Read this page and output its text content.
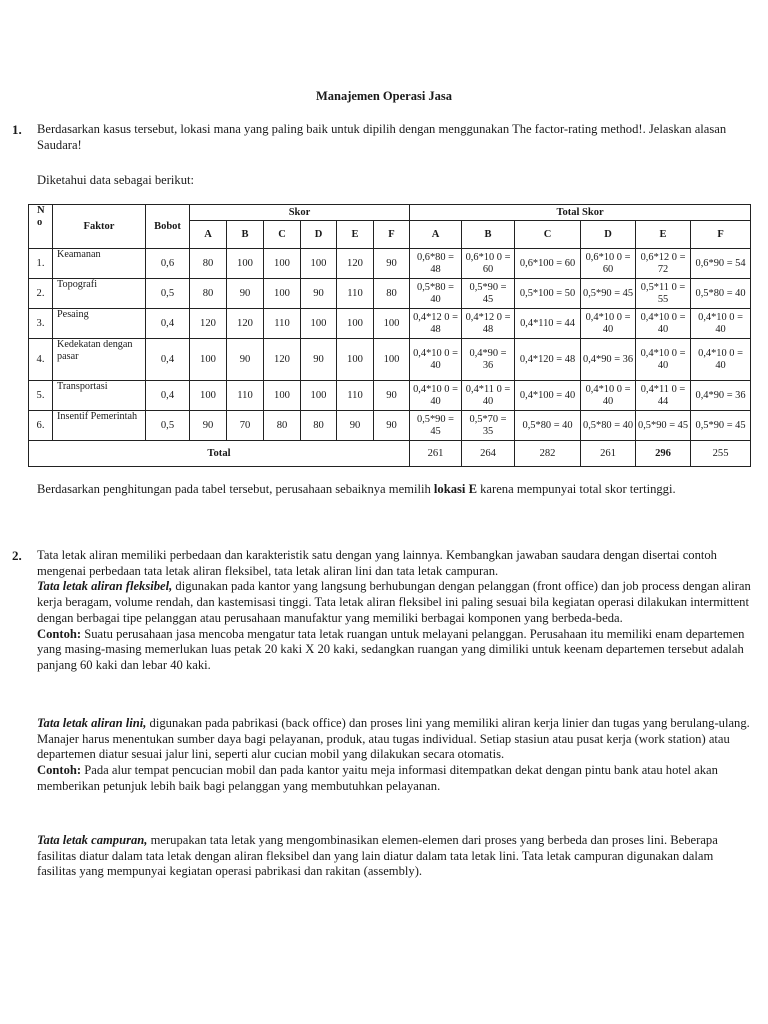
Manajemen Operasi Jasa
1. Berdasarkan kasus tersebut, lokasi mana yang paling baik untuk dipilih dengan menggunakan The factor-rating method!. Jelaskan alasan Saudara!
Diketahui data sebagai berikut:
N o	Faktor	Bobot	Skor						Total Skor					
			A	B	C	D	E	F	A	B	C	D	E	F
1.	Keamanan	0,6	80	100	100	100	120	90	0,6*80 = 48	0,6*10 0 = 60	0,6*100 = 60	0,6*10 0 = 60	0,6*12 0 = 72	0,6*90 = 54
2.	Topografi	0,5	80	90	100	90	110	80	0,5*80 = 40	0,5*90 = 45	0,5*100 = 50	0,5*90 = 45	0,5*11 0 = 55	0,5*80 = 40
3.	Pesaing	0,4	120	120	110	100	100	100	0,4*12 0 = 48	0,4*12 0 = 48	0,4*110 = 44	0,4*10 0 = 40	0,4*10 0 = 40	0,4*10 0 = 40
4.	Kedekatan dengan pasar	0,4	100	90	120	90	100	100	0,4*10 0 = 40	0,4*90 = 36	0,4*120 = 48	0,4*90 = 36	0,4*10 0 = 40	0,4*10 0 = 40
5.	Transportasi	0,4	100	110	100	100	110	90	0,4*10 0 = 40	0,4*11 0 = 40	0,4*100 = 40	0,4*10 0 = 40	0,4*11 0 = 44	0,4*90 = 36
6.	Insentif Pemerintah	0,5	90	70	80	80	90	90	0,5*90 = 45	0,5*70 = 35	0,5*80 = 40	0,5*80 = 40	0,5*90 = 45	0,5*90 = 45
Total									261	264	282	261	296	255
Berdasarkan penghitungan pada tabel tersebut, perusahaan sebaiknya memilih lokasi E karena mempunyai total skor tertinggi.
2. Tata letak aliran memiliki perbedaan dan karakteristik satu dengan yang lainnya. Kembangkan jawaban saudara dengan disertai contoh mengenai perbedaan tata letak aliran fleksibel, tata letak aliran lini dan tata letak campuran.
Tata letak aliran fleksibel, digunakan pada kantor yang langsung berhubungan dengan pelanggan (front office) dan job process dengan aliran kerja beragam, volume rendah, dan kastemisasi tinggi. Tata letak aliran fleksibel ini paling sesuai bila kegiatan operasi dilakukan intermittent dengan berbagai tipe pelanggan atau perusahaan manufaktur yang memiliki berbagai komponen yang berbeda-beda.
Contoh: Suatu perusahaan jasa mencoba mengatur tata letak ruangan untuk melayani pelanggan. Perusahaan itu memiliki enam departemen yang masing-masing memerlukan luas petak 20 kaki X 20 kaki, sedangkan ruangan yang dimiliki untuk keenam departemen tersebut adalah panjang 60 kaki dan lebar 40 kaki.
Tata letak aliran lini, digunakan pada pabrikasi (back office) dan proses lini yang memiliki aliran kerja linier dan tugas yang berulang-ulang. Manajer harus menentukan sumber daya bagi pelayanan, produk, atau tugas individual. Setiap stasiun atau pusat kerja (work station) atau departemen diatur sesuai jalur lini, seperti alur cucian mobil yang dilakukan secara otomatis.
Contoh: Pada alur tempat pencucian mobil dan pada kantor yaitu meja informasi ditempatkan dekat dengan pintu bank atau hotel akan memberikan petunjuk lebih baik bagi pelanggan yang membutuhkan pelayanan.
Tata letak campuran, merupakan tata letak yang mengombinasikan elemen-elemen dari proses yang berbeda dan proses lini. Beberapa fasilitas diatur dalam tata letak dengan aliran fleksibel dan yang lain diatur dalam tata letak lini. Tata letak campuran digunakan dalam fasilitas yang mempunyai kegiatan operasi pabrikasi dan rakitan (assembly).
